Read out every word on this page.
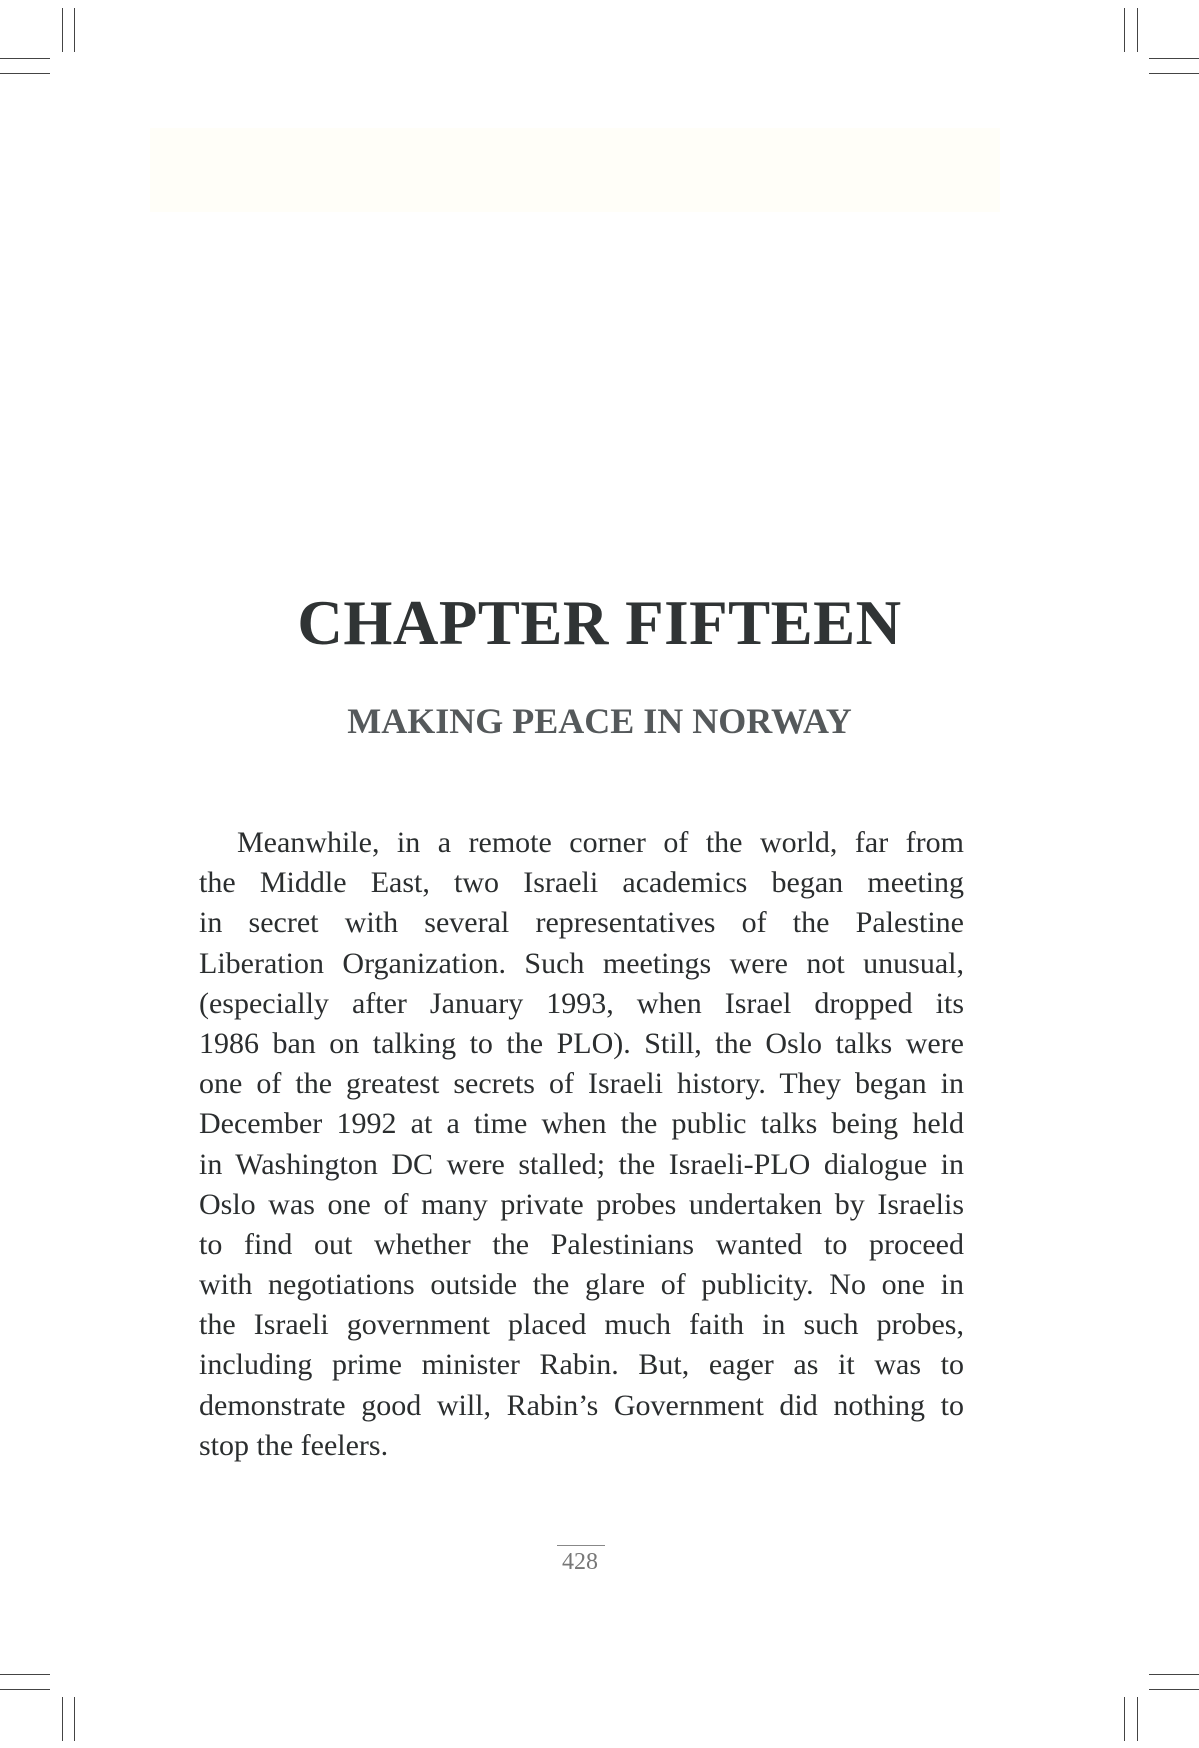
CHAPTER FIFTEEN
MAKING PEACE IN NORWAY
Meanwhile, in a remote corner of the world, far from
the Middle East, two Israeli academics began meeting
in secret with several representatives of the Palestine
Liberation Organization. Such meetings were not unusual,
(especially after January 1993, when Israel dropped its
1986 ban on talking to the PLO). Still, the Oslo talks were
one of the greatest secrets of Israeli history. They began in
December 1992 at a time when the public talks being held
in Washington DC were stalled; the Israeli-PLO dialogue in
Oslo was one of many private probes undertaken by Israelis
to find out whether the Palestinians wanted to proceed
with negotiations outside the glare of publicity. No one in
the Israeli government placed much faith in such probes,
including prime minister Rabin. But, eager as it was to
demonstrate good will, Rabin’s Government did nothing to
stop the feelers.
428
